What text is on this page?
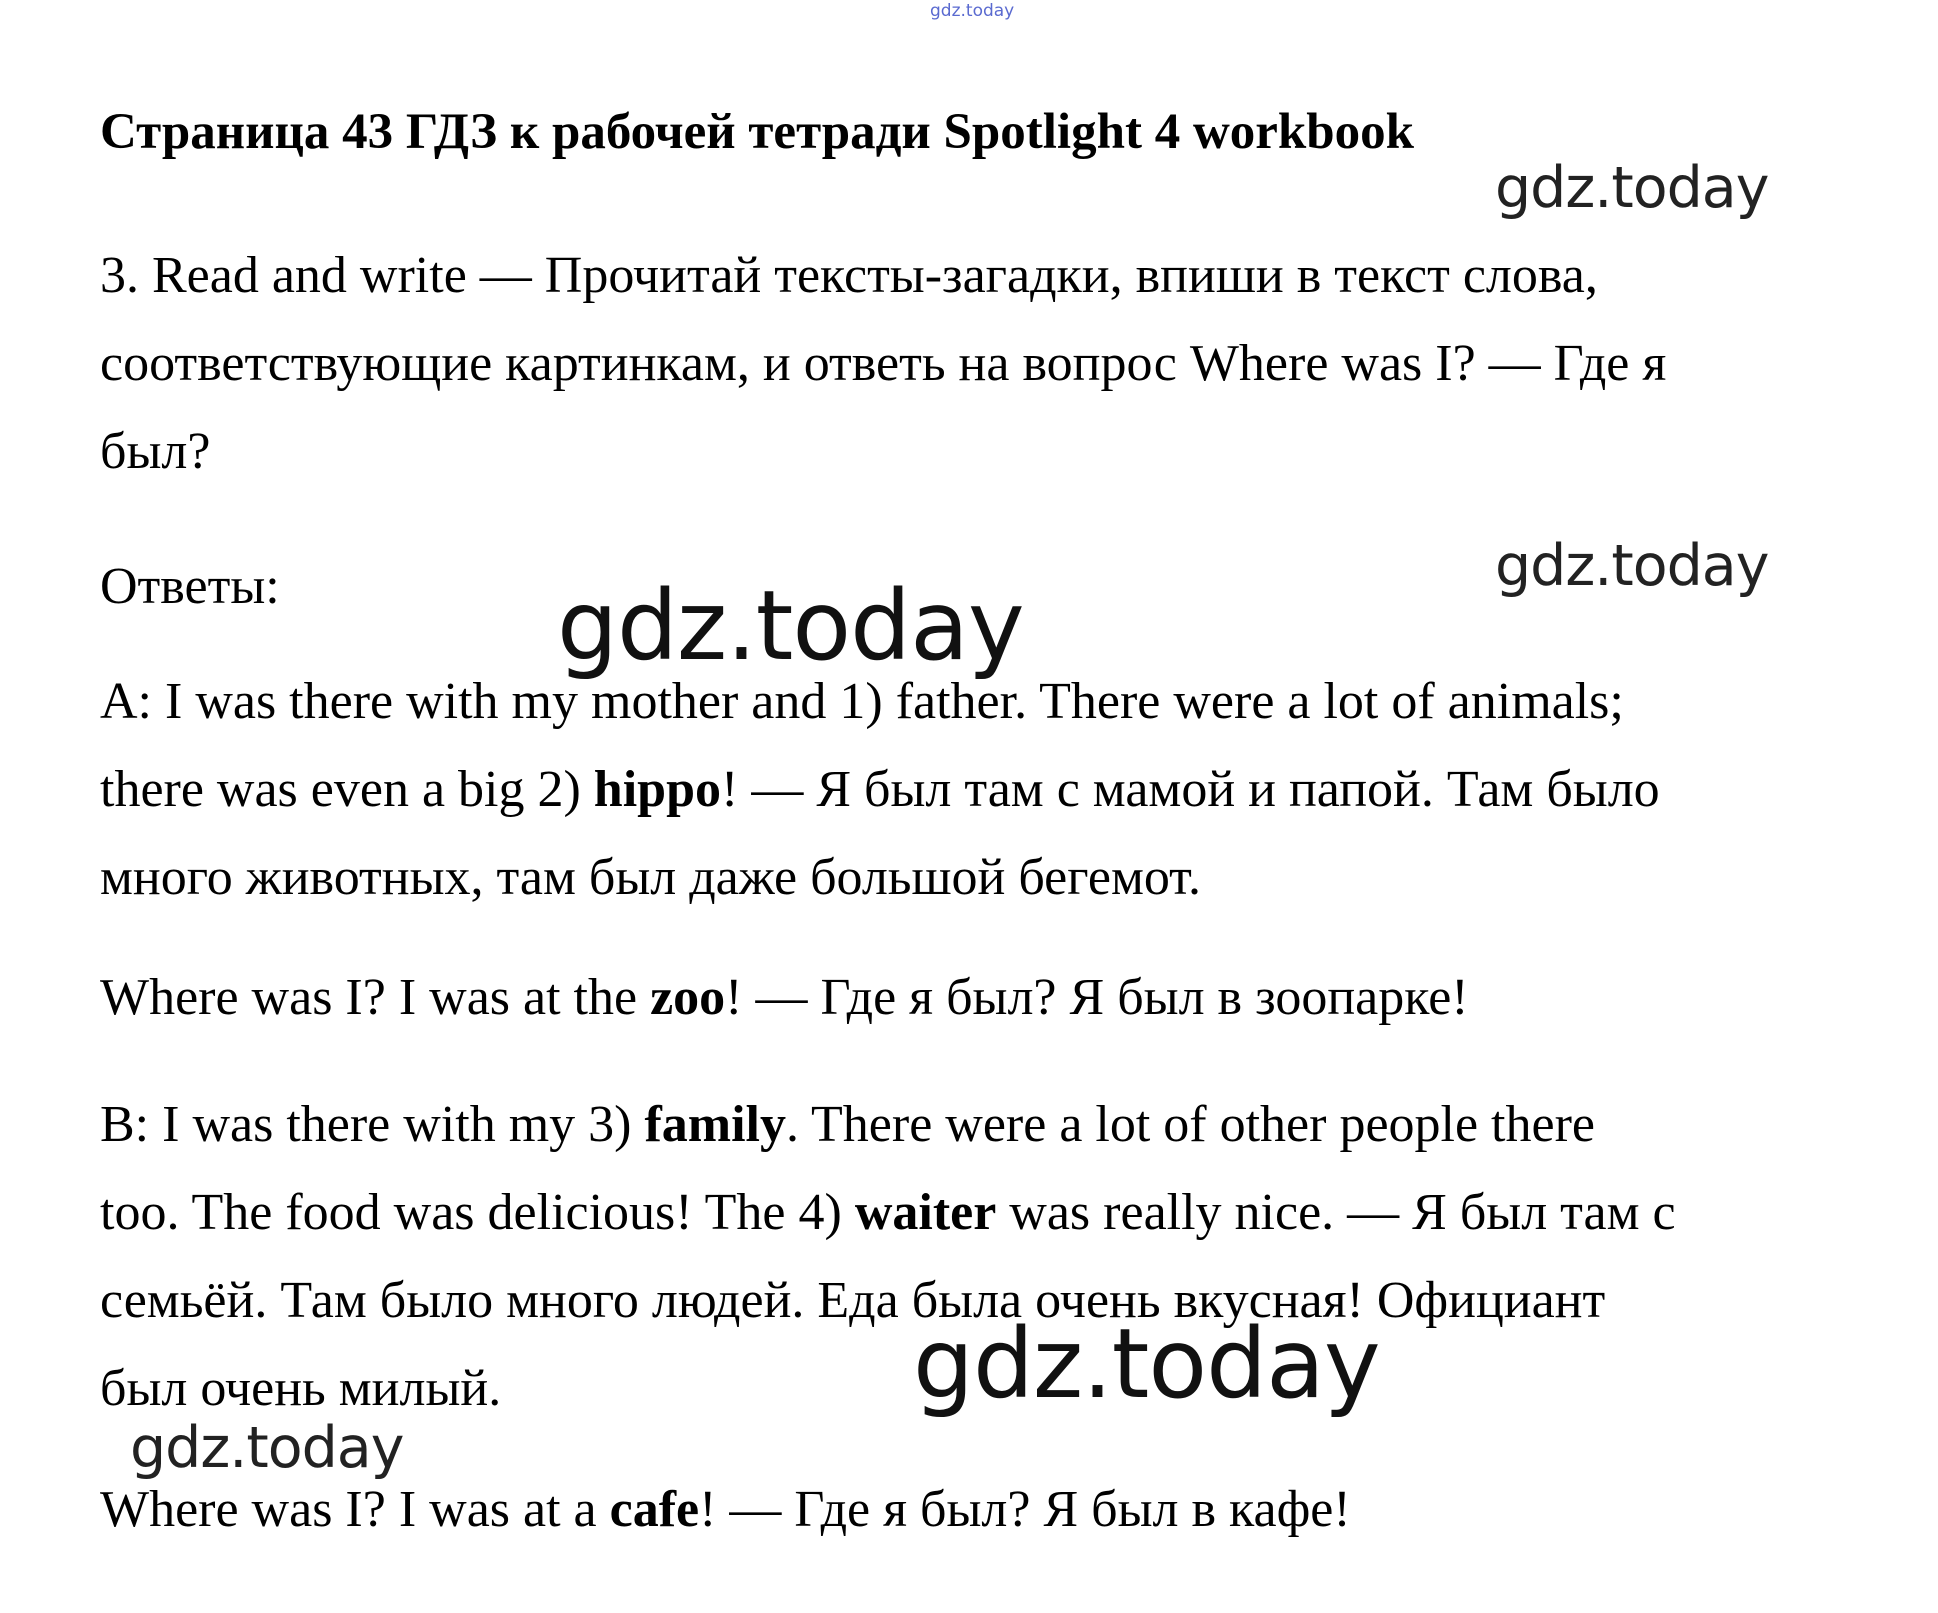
gdz.today
Страница 43 ГДЗ к рабочей тетради Spotlight 4 workbook
gdz.today

3. Read and write — Прочитай тексты-загадки, впиши в текст слова,
соответствующие картинкам, и ответь на вопрос Where was I? — Где я
был?

Ответы:	gdz.today
gdz.today

A: I was there with my mother and 1) father. There were a lot of animals;
there was even a big 2) hippo! — Я был там с мамой и папой. Там было
много животных, там был даже большой бегемот.

Where was I? I was at the zoo! — Где я был? Я был в зоопарке!

B: I was there with my 3) family. There were a lot of other people there
too. The food was delicious! The 4) waiter was really nice. — Я был там с
семьёй. Там было много людей. Еда была очень вкусная! Официант
был очень милый.	gdz.today
gdz.today

Where was I? I was at a cafe! — Где я был? Я был в кафе!
